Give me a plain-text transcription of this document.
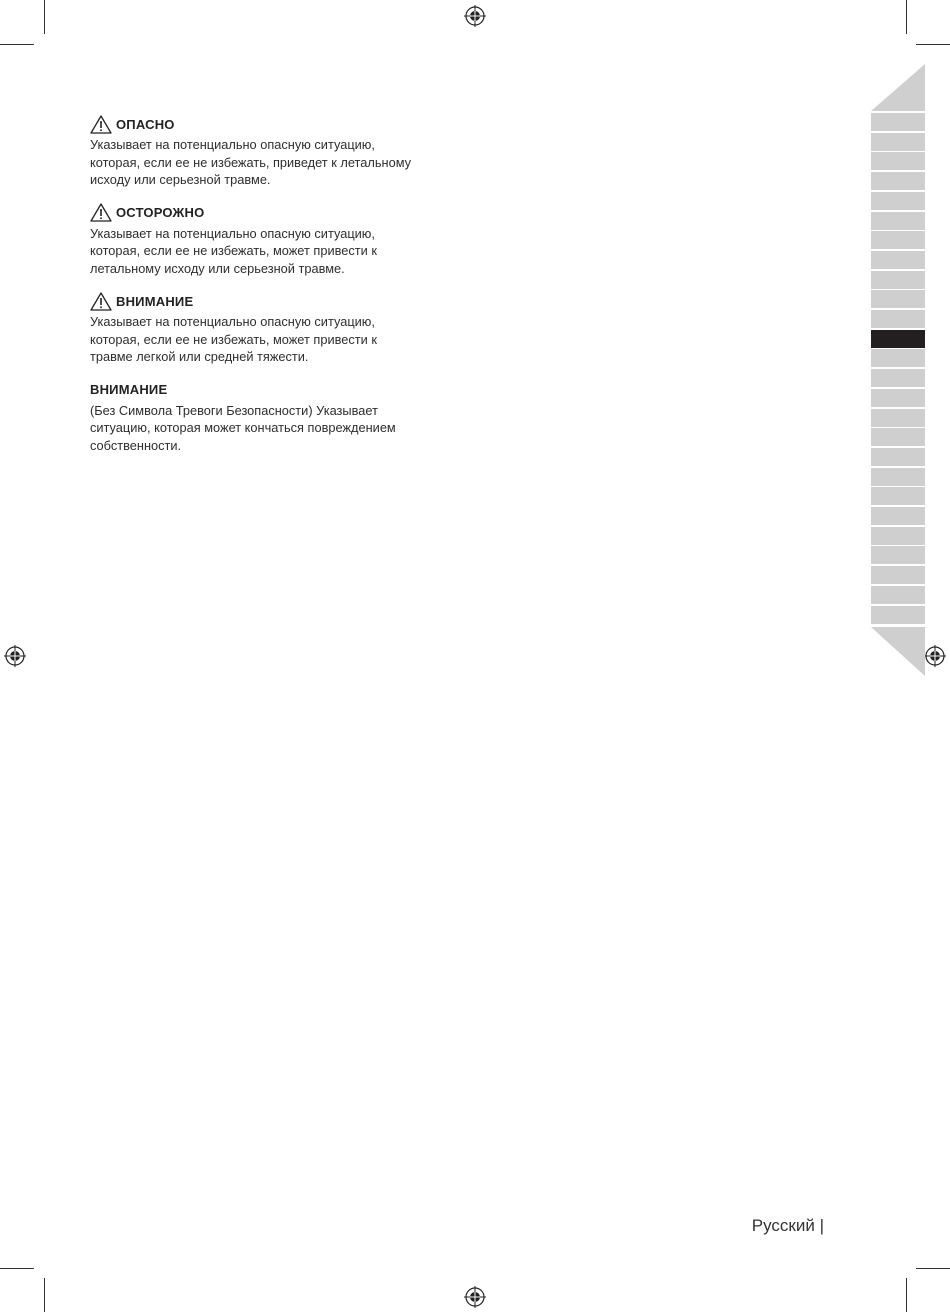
ОПАСНО
Указывает на потенциально опасную ситуацию,
которая, если ее не избежать, приведет к летальному
исходу или серьезной травме.
ОСТОРОЖНО
Указывает на потенциально опасную ситуацию,
которая, если ее не избежать, может привести к
летальному исходу или серьезной травме.
ВНИМАНИЕ
Указывает на потенциально опасную ситуацию,
которая, если ее не избежать, может привести к
травме легкой или средней тяжести.
ВНИМАНИЕ
(Без Символа Тревоги Безопасности) Указывает
ситуацию, которая может кончаться повреждением
собственности.
Русский |
